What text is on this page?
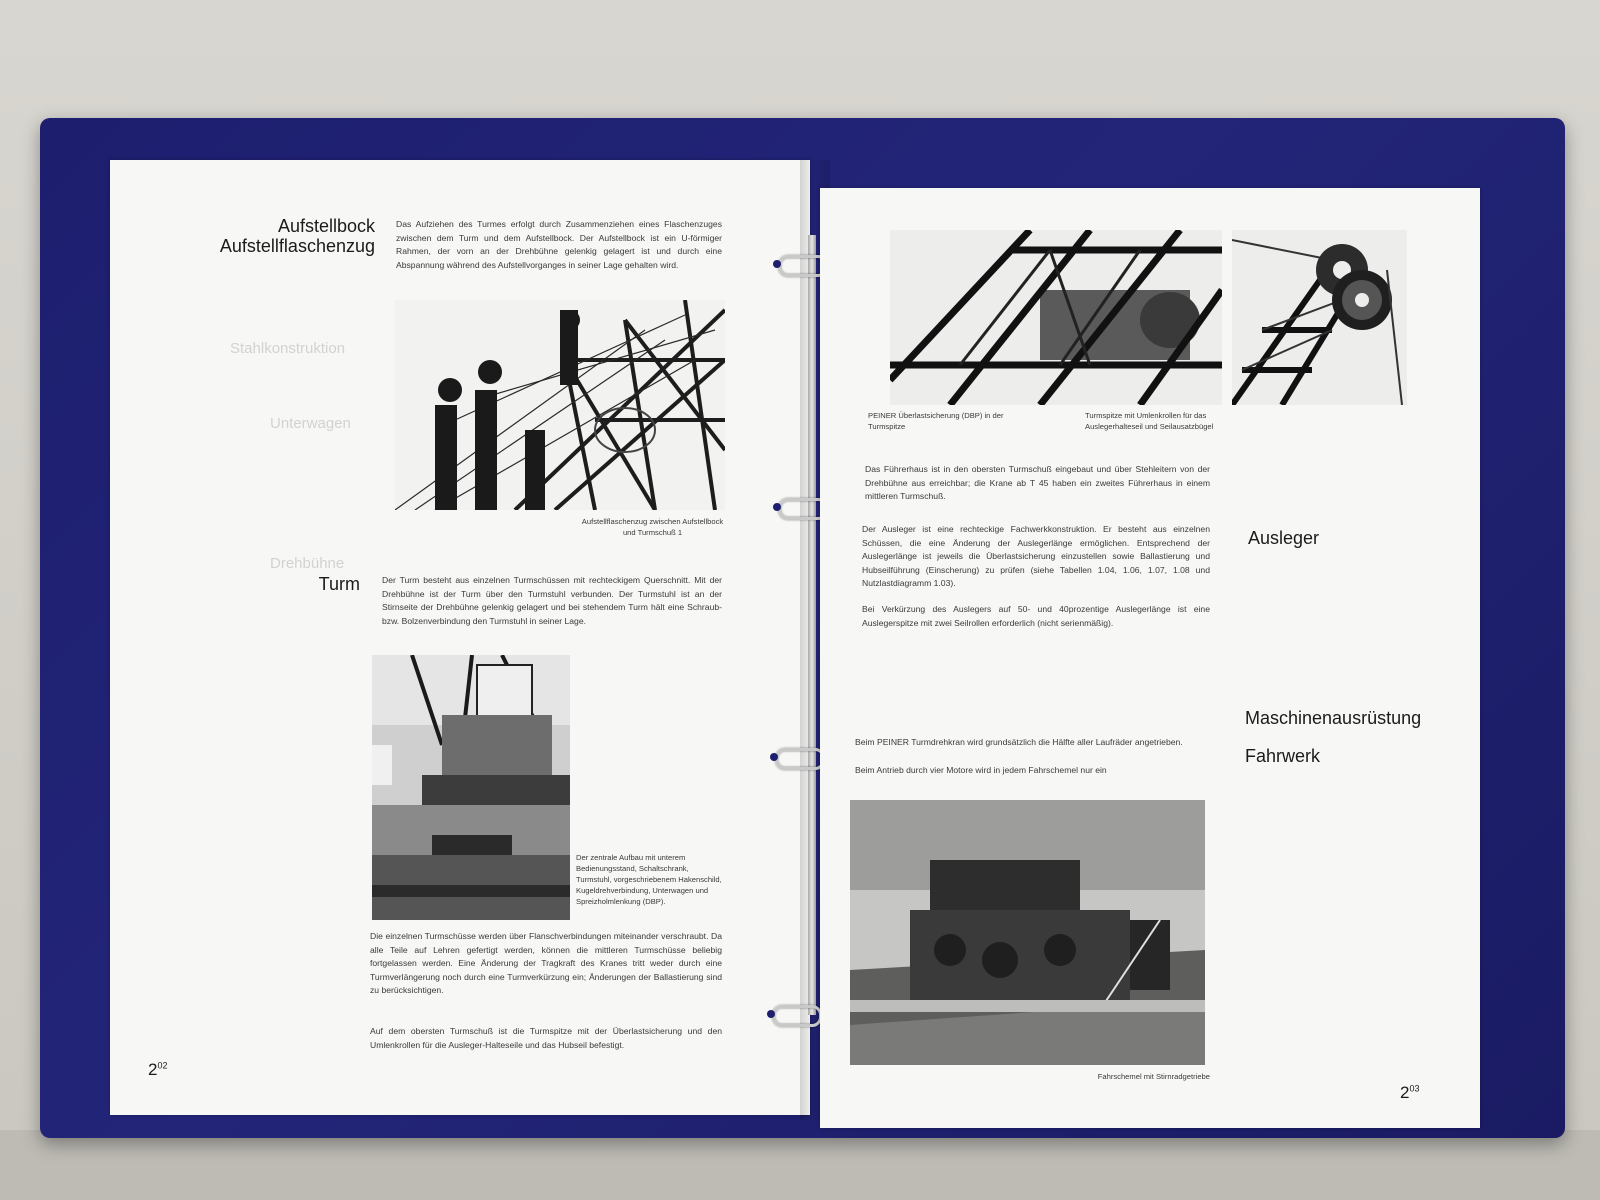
Stahlkonstruktion
Unterwagen
Drehbühne
Aufstellbock
Aufstellflaschenzug

Das Aufziehen des Turmes erfolgt durch Zusammenziehen eines Flaschenzuges zwischen dem Turm und dem Aufstellbock. Der Aufstellbock ist ein U-förmiger Rahmen, der vorn an der Drehbühne gelenkig gelagert ist und durch eine Abspannung während des Aufstellvorganges in seiner Lage gehalten wird.

Aufstellflaschenzug zwischen Aufstellbock und Turmschuß 1

Turm	Der Turm besteht aus einzelnen Turmschüssen mit rechteckigem Querschnitt. Mit der Drehbühne ist der Turm über den Turmstuhl verbunden. Der Turmstuhl ist an der Stirnseite der Drehbühne gelenkig gelagert und bei stehendem Turm hält eine Schraub- bzw. Bolzenverbindung den Turmstuhl in seiner Lage.

Der zentrale Aufbau mit unterem Bedienungsstand, Schaltschrank, Turmstuhl, vorgeschriebenem Hakenschild, Kugeldrehverbindung, Unterwagen und Spreizholmlenkung (DBP).

Die einzelnen Turmschüsse werden über Flanschverbindungen miteinander verschraubt. Da alle Teile auf Lehren gefertigt werden, können die mittleren Turmschüsse beliebig fortgelassen werden. Eine Änderung der Tragkraft des Kranes tritt weder durch eine Turmverlängerung noch durch eine Turmverkürzung ein; Änderungen der Ballastierung sind zu berücksichtigen.

Auf dem obersten Turmschuß ist die Turmspitze mit der Überlastsicherung und den Umlenkrollen für die Ausleger-Halteseile und das Hubseil befestigt.

$2^{02}$

PEINER Überlastsicherung (DBP) in der Turmspitze

Turmspitze mit Umlenkrollen für das Auslegerhalteseil und Seilausatzbügel

Das Führerhaus ist in den obersten Turmschuß eingebaut und über Stehleitern von der Drehbühne aus erreichbar; die Krane ab T 45 haben ein zweites Führerhaus in einem mittleren Turmschuß.

Der Ausleger ist eine rechteckige Fachwerkkonstruktion. Er besteht aus einzelnen Schüssen, die eine Änderung der Auslegerlänge ermöglichen. Entsprechend der Auslegerlänge ist jeweils die Überlastsicherung einzustellen sowie Ballastierung und Hubseilführung (Einscherung) zu prüfen (siehe Tabellen 1.04, 1.06, 1.07, 1.08 und Nutzlastdiagramm 1.03).

Bei Verkürzung des Auslegers auf 50- und 40prozentige Auslegerlänge ist eine Auslegerspitze mit zwei Seilrollen erforderlich (nicht serienmäßig).

Ausleger
Maschinenausrüstung
Fahrwerk

Beim PEINER Turmdrehkran wird grundsätzlich die Hälfte aller Laufräder angetrieben.

Beim Antrieb durch vier Motore wird in jedem Fahrschemel nur ein

Fahrschemel mit Stirnradgetriebe

$2^{03}$
